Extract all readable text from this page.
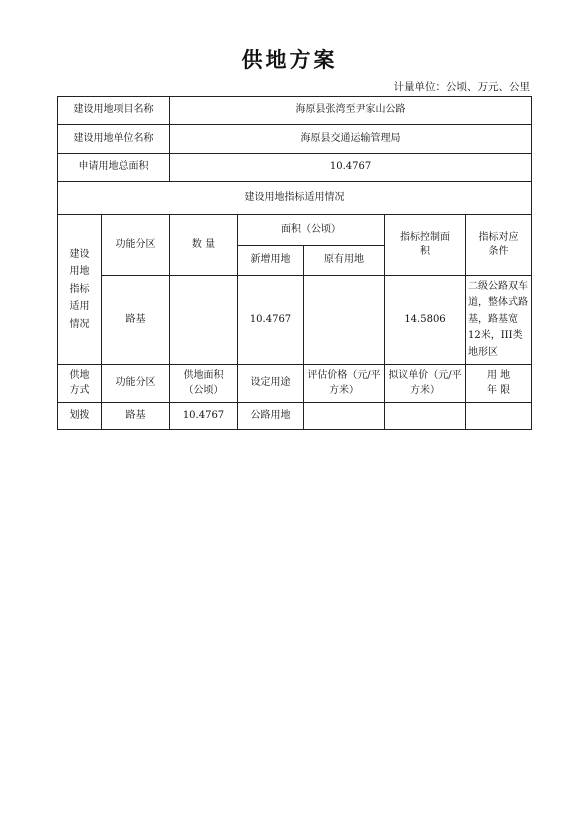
供地方案
计量单位：公顷、万元、公里
建设用地项目名称		海原县张湾至尹家山公路				
建设用地单位名称		海原县交通运输管理局				
申请用地总面积		10.4767				
建设用地指标适用情况						
建设用地指标适用情况	功能分区	数 量	面积（公顷）		指标控制面积	指标对应条件
			新增用地	原有用地		
	路基		10.4767		14.5806	二级公路双车道，整体式路基，路基宽12米，III类地形区
供地方式	功能分区	供地面积（公顷）	设定用途	评估价格（元/平方米）	拟议单价（元/平方米）	用 地 年 限
划拨	路基	10.4767	公路用地			
